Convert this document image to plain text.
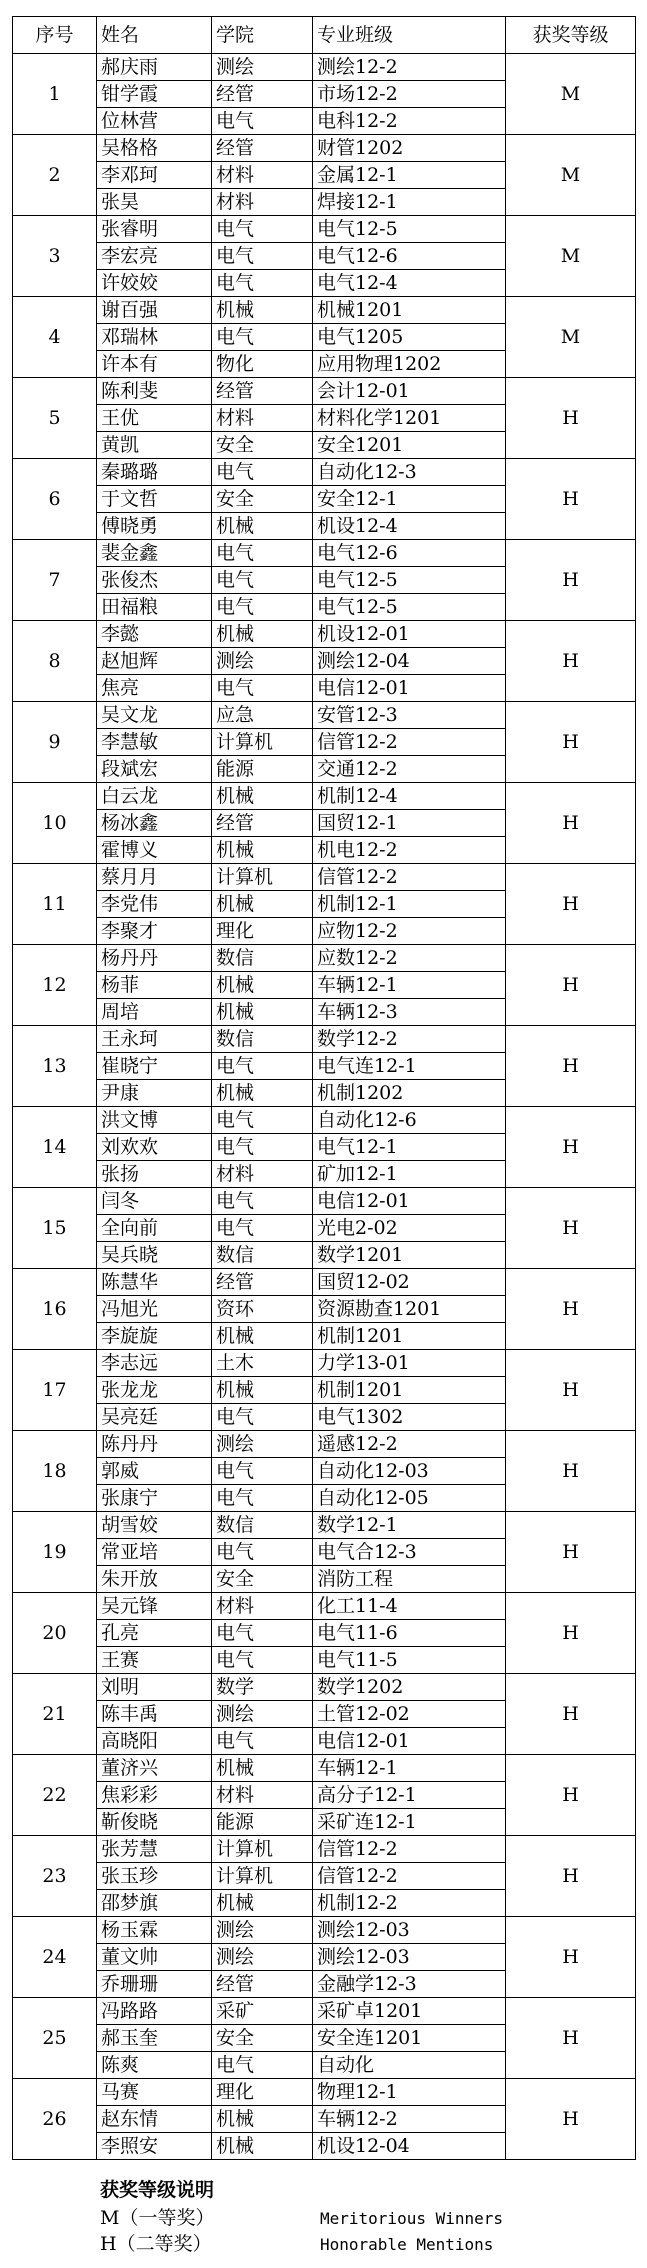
序号	姓名	学院	专业班级	获奖等级
1	郝庆雨	测绘	测绘12-2	M
	钳学霞	经管	市场12-2	
	位林营	电气	电科12-2	
2	吴格格	经管	财管1202	M
	李邓珂	材料	金属12-1	
	张昊	材料	焊接12-1	
3	张睿明	电气	电气12-5	M
	李宏亮	电气	电气12-6	
	许姣姣	电气	电气12-4	
4	谢百强	机械	机械1201	M
	邓瑞林	电气	电气1205	
	许本有	物化	应用物理1202	
5	陈利斐	经管	会计12-01	H
	王优	材料	材料化学1201	
	黄凯	安全	安全1201	
6	秦璐璐	电气	自动化12-3	H
	于文哲	安全	安全12-1	
	傅晓勇	机械	机设12-4	
7	裴金鑫	电气	电气12-6	H
	张俊杰	电气	电气12-5	
	田福粮	电气	电气12-5	
8	李懿	机械	机设12-01	H
	赵旭辉	测绘	测绘12-04	
	焦亮	电气	电信12-01	
9	吴文龙	应急	安管12-3	H
	李慧敏	计算机	信管12-2	
	段斌宏	能源	交通12-2	
10	白云龙	机械	机制12-4	H
	杨冰鑫	经管	国贸12-1	
	霍博义	机械	机电12-2	
11	蔡月月	计算机	信管12-2	H
	李党伟	机械	机制12-1	
	李聚才	理化	应物12-2	
12	杨丹丹	数信	应数12-2	H
	杨菲	机械	车辆12-1	
	周培	机械	车辆12-3	
13	王永珂	数信	数学12-2	H
	崔晓宁	电气	电气连12-1	
	尹康	机械	机制1202	
14	洪文博	电气	自动化12-6	H
	刘欢欢	电气	电气12-1	
	张扬	材料	矿加12-1	
15	闫冬	电气	电信12-01	H
	全向前	电气	光电2-02	
	吴兵晓	数信	数学1201	
16	陈慧华	经管	国贸12-02	H
	冯旭光	资环	资源勘查1201	
	李旋旋	机械	机制1201	
17	李志远	土木	力学13-01	H
	张龙龙	机械	机制1201	
	吴亮廷	电气	电气1302	
18	陈丹丹	测绘	遥感12-2	H
	郭威	电气	自动化12-03	
	张康宁	电气	自动化12-05	
19	胡雪姣	数信	数学12-1	H
	常亚培	电气	电气合12-3	
	朱开放	安全	消防工程	
20	吴元锋	材料	化工11-4	H
	孔亮	电气	电气11-6	
	王赛	电气	电气11-5	
21	刘明	数学	数学1202	H
	陈丰禹	测绘	土管12-02	
	高晓阳	电气	电信12-01	
22	董济兴	机械	车辆12-1	H
	焦彩彩	材料	高分子12-1	
	靳俊晓	能源	采矿连12-1	
23	张芳慧	计算机	信管12-2	H
	张玉珍	计算机	信管12-2	
	邵梦旗	机械	机制12-2	
24	杨玉霖	测绘	测绘12-03	H
	董文帅	测绘	测绘12-03	
	乔珊珊	经管	金融学12-3	
25	冯路路	采矿	采矿卓1201	H
	郝玉奎	安全	安全连1201	
	陈爽	电气	自动化	
26	马赛	理化	物理12-1	H
	赵东情	机械	车辆12-2	
	李照安	机械	机设12-04	
获奖等级说明
M（一等奖）	Meritorious Winners
H（二等奖）	Honorable Mentions
